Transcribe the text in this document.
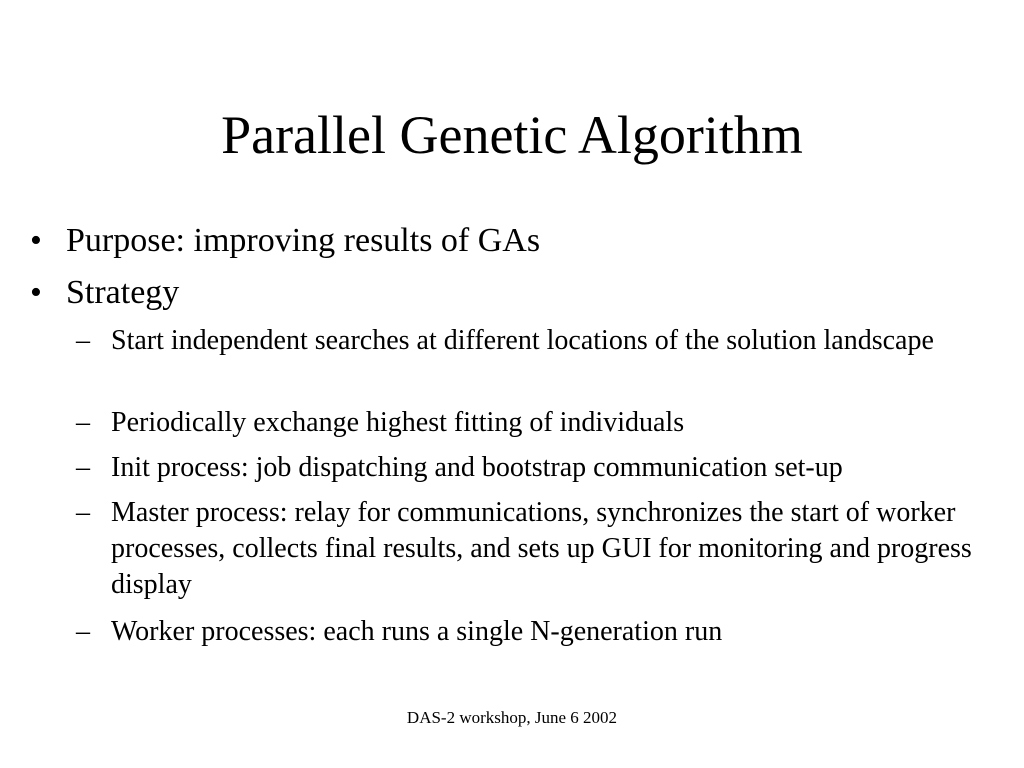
Parallel Genetic Algorithm
• Purpose: improving results of GAs
• Strategy
– Start independent searches at different locations of the solution landscape
– Periodically exchange highest fitting of individuals
– Init process: job dispatching and bootstrap communication set-up
– Master process: relay for communications, synchronizes the start of worker processes, collects final results, and sets up GUI for monitoring and progress display
– Worker processes: each runs a single N-generation run
DAS-2 workshop, June 6 2002
